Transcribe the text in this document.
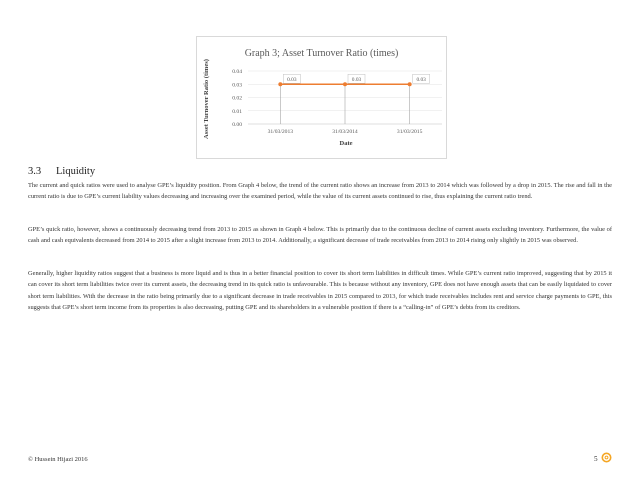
Graph 3; Asset Turnover Ratio (times)
Asset Turnover Ratio (times)
Date
0.00
0.01
0.02
0.03
0.04
31/03/2013	31/03/2014	31/03/2015
0.03	0.03	0.03
3.3 Liquidity

The current and quick ratios were used to analyse GPE’s liquidity position. From Graph 4 below, the trend of the current ratio shows an increase from 2013 to 2014 which was followed by a drop in 2015. The rise and fall in the current ratio is due to GPE’s current liability values decreasing and increasing over the examined period, while the value of its current assets continued to rise, thus explaining the current ratio trend.

GPE’s quick ratio, however, shows a continuously decreasing trend from 2013 to 2015 as shown in Graph 4 below. This is primarily due to the continuous decline of current assets excluding inventory. Furthermore, the value of cash and cash equivalents decreased from 2014 to 2015 after a slight increase from 2013 to 2014. Additionally, a significant decrease of trade receivables from 2013 to 2014 rising only slightly in 2015 was observed.

Generally, higher liquidity ratios suggest that a business is more liquid and is thus in a better financial position to cover its short term liabilities in difficult times. While GPE’s current ratio improved, suggesting that by 2015 it can cover its short term liabilities twice over its current assets, the decreasing trend in its quick ratio is unfavourable. This is because without any inventory, GPE does not have enough assets that can be easily liquidated to cover short term liabilities. With the decrease in the ratio being primarily due to a significant decrease in trade receivables in 2015 compared to 2013, for which trade receivables includes rent and service charge payments to GPE, this suggests that GPE’s short term income from its properties is also decreasing, putting GPE and its shareholders in a vulnerable position if there is a “calling-in” of GPE’s debts from its creditors.

© Hussein Hijazi 2016	5
